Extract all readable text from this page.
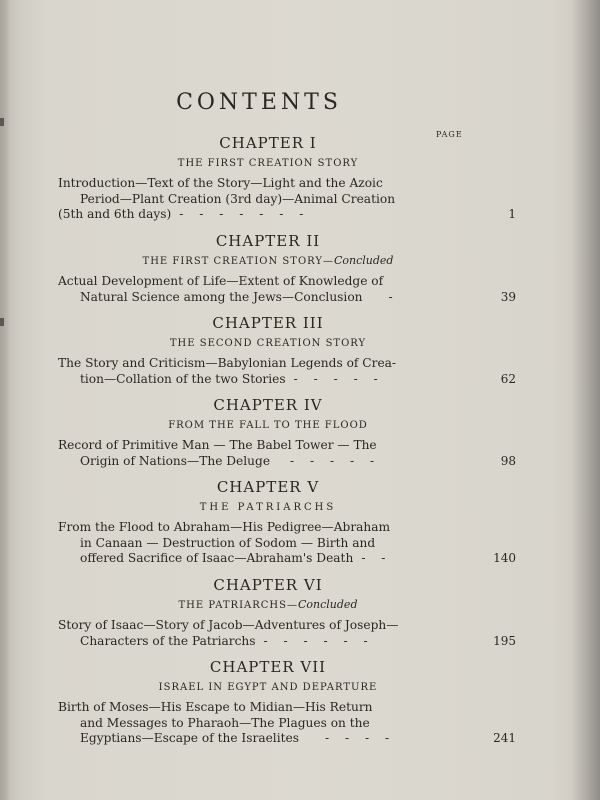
CONTENTS
PAGE
CHAPTER I
THE FIRST CREATION STORY
Introduction—Text of the Story—Light and the Azoic
Period—Plant Creation (3rd day)—Animal Creation
(5th and 6th days) - - - - - - -	1
CHAPTER II
THE FIRST CREATION STORY—Concluded
Actual Development of Life—Extent of Knowledge of
Natural Science among the Jews—Conclusion -	39
CHAPTER III
THE SECOND CREATION STORY
The Story and Criticism—Babylonian Legends of Crea-
tion—Collation of the two Stories - - - - -	62
CHAPTER IV
FROM THE FALL TO THE FLOOD
Record of Primitive Man — The Babel Tower — The
Origin of Nations—The Deluge - - - - -	98
CHAPTER V
THE PATRIARCHS
From the Flood to Abraham—His Pedigree—Abraham
in Canaan — Destruction of Sodom — Birth and
offered Sacrifice of Isaac—Abraham's Death - -	140
CHAPTER VI
THE PATRIARCHS—Concluded
Story of Isaac—Story of Jacob—Adventures of Joseph—
Characters of the Patriarchs - - - - - -	195
CHAPTER VII
ISRAEL IN EGYPT AND DEPARTURE
Birth of Moses—His Escape to Midian—His Return
and Messages to Pharaoh—The Plagues on the
Egyptians—Escape of the Israelites - - - -	241
